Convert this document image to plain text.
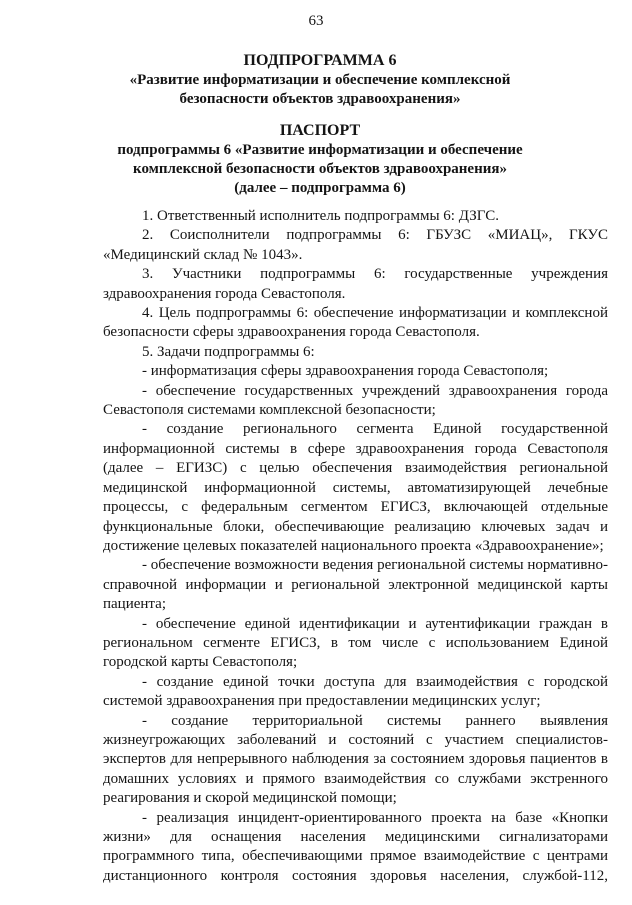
63
ПОДПРОГРАММА 6
«Развитие информатизации и обеспечение комплексной
безопасности объектов здравоохранения»
ПАСПОРТ
подпрограммы 6 «Развитие информатизации и обеспечение
комплексной безопасности объектов здравоохранения»
(далее – подпрограмма 6)

1. Ответственный исполнитель подпрограммы 6: ДЗГС.

2. Соисполнители подпрограммы 6: ГБУЗС «МИАЦ», ГКУС «Медицинский склад № 1043».

3. Участники подпрограммы 6: государственные учреждения здравоохранения города Севастополя.

4. Цель подпрограммы 6: обеспечение информатизации и комплексной безопасности сферы здравоохранения города Севастополя.

5. Задачи подпрограммы 6:

- информатизация сферы здравоохранения города Севастополя;

- обеспечение государственных учреждений здравоохранения города Севастополя системами комплексной безопасности;

- создание регионального сегмента Единой государственной информационной системы в сфере здравоохранения города Севастополя (далее – ЕГИЗС) с целью обеспечения взаимодействия региональной медицинской информационной системы, автоматизирующей лечебные процессы, с федеральным сегментом ЕГИСЗ, включающей отдельные функциональные блоки, обеспечивающие реализацию ключевых задач и достижение целевых показателей национального проекта «Здравоохранение»;

- обеспечение возможности ведения региональной системы нормативно-справочной информации и региональной электронной медицинской карты пациента;

- обеспечение единой идентификации и аутентификации граждан в региональном сегменте ЕГИСЗ, в том числе с использованием Единой городской карты Севастополя;

- создание единой точки доступа для взаимодействия с городской системой здравоохранения при предоставлении медицинских услуг;

- создание территориальной системы раннего выявления жизнеугрожающих заболеваний и состояний с участием специалистов-экспертов для непрерывного наблюдения за состоянием здоровья пациентов в домашних условиях и прямого взаимодействия со службами экстренного реагирования и скорой медицинской помощи;

- реализация инцидент-ориентированного проекта на базе «Кнопки жизни» для оснащения населения медицинскими сигнализаторами программного типа, обеспечивающими прямое взаимодействие с центрами дистанционного контроля состояния здоровья населения, службой-112,
